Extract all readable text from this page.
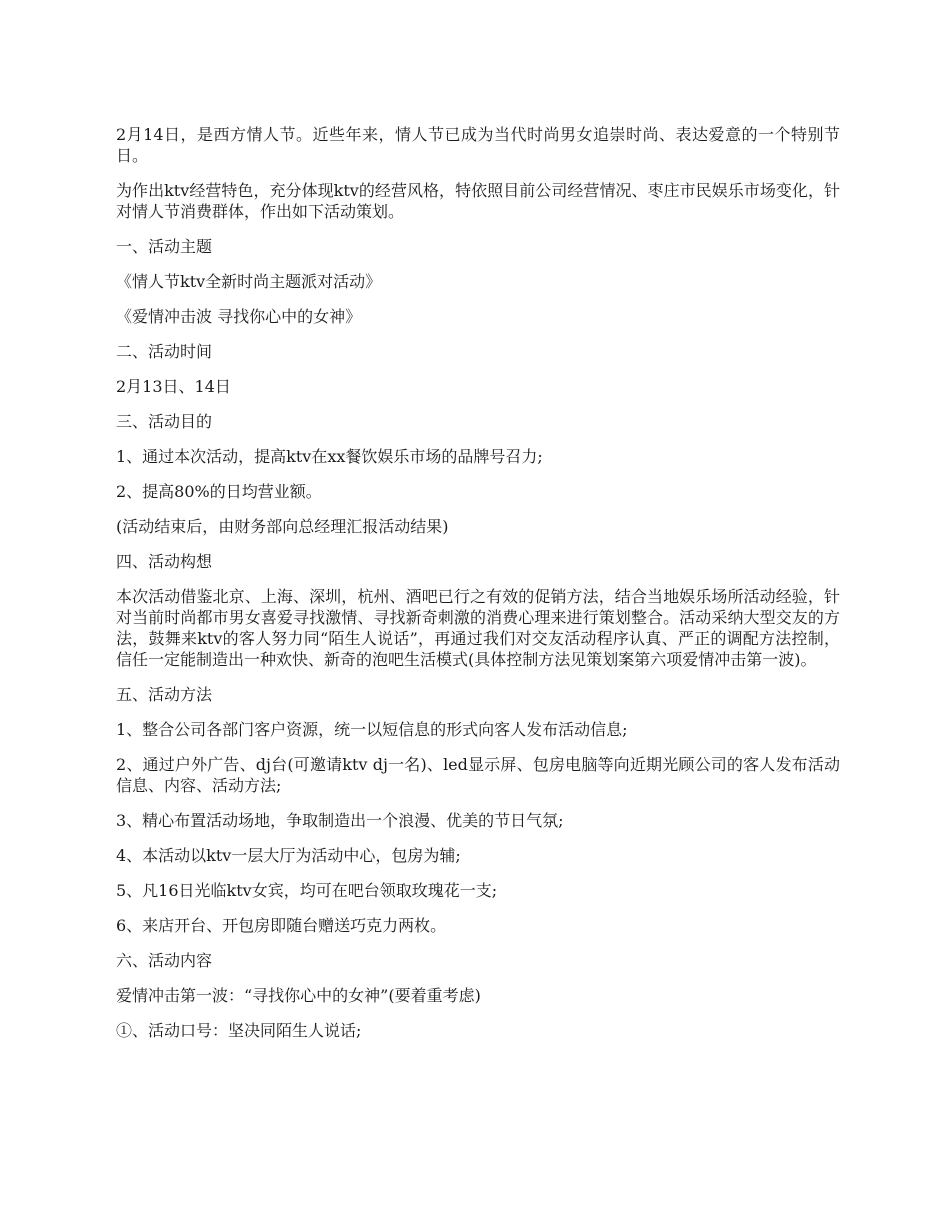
2月14日，是西方情人节。近些年来，情人节已成为当代时尚男女追崇时尚、表达爱意的一个特别节日。

为作出ktv经营特色，充分体现ktv的经营风格，特依照目前公司经营情况、枣庄市民娱乐市场变化，针对情人节消费群体，作出如下活动策划。

一、活动主题

《情人节ktv全新时尚主题派对活动》

《爱情冲击波 寻找你心中的女神》

二、活动时间

2月13日、14日

三、活动目的

1、通过本次活动，提高ktv在xx餐饮娱乐市场的品牌号召力;

2、提高80%的日均营业额。

(活动结束后，由财务部向总经理汇报活动结果)

四、活动构想

本次活动借鉴北京、上海、深圳，杭州、酒吧已行之有效的促销方法，结合当地娱乐场所活动经验，针对当前时尚都市男女喜爱寻找激情、寻找新奇刺激的消费心理来进行策划整合。活动采纳大型交友的方法，鼓舞来ktv的客人努力同“陌生人说话”，再通过我们对交友活动程序认真、严正的调配方法控制，信任一定能制造出一种欢快、新奇的泡吧生活模式(具体控制方法见策划案第六项爱情冲击第一波)。

五、活动方法

1、整合公司各部门客户资源，统一以短信息的形式向客人发布活动信息;

2、通过户外广告、dj台(可邀请ktv dj一名)、led显示屏、包房电脑等向近期光顾公司的客人发布活动信息、内容、活动方法;

3、精心布置活动场地，争取制造出一个浪漫、优美的节日气氛;

4、本活动以ktv一层大厅为活动中心，包房为辅;

5、凡16日光临ktv女宾，均可在吧台领取玫瑰花一支;

6、来店开台、开包房即随台赠送巧克力两枚。

六、活动内容

爱情冲击第一波：“寻找你心中的女神”(要着重考虑)

①、活动口号：坚决同陌生人说话;
